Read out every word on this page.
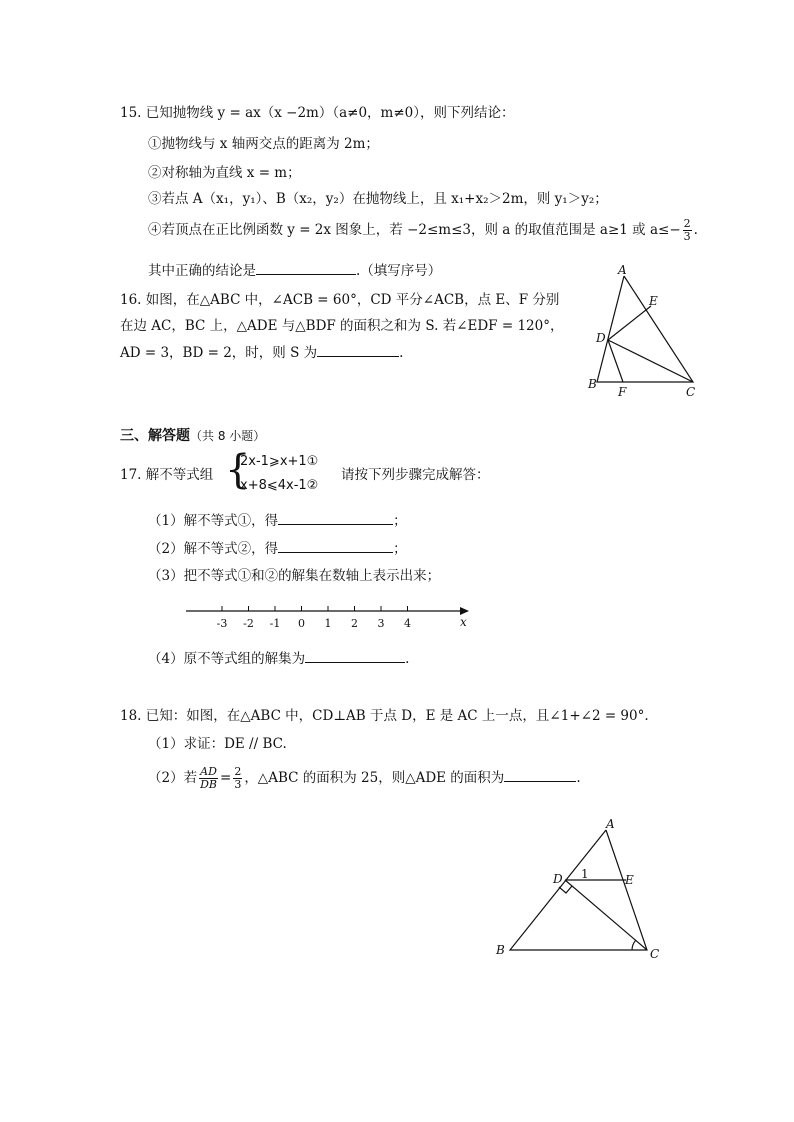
15. 已知抛物线 y = ax（x −2m）（a≠0，m≠0），则下列结论：
①抛物线与 x 轴两交点的距离为 2m；
②对称轴为直线 x = m；
③若点 A（x₁，y₁）、B（x₂，y₂）在抛物线上，且 x₁+x₂＞2m，则 y₁＞y₂；
④若顶点在正比例函数 y = 2x 图象上，若 −2≤m≤3，则 a 的取值范围是 a≥1 或 $a\le- \frac{2}{3}$ .
其中正确的结论是	.（填写序号）
16. 如图，在△ABC 中，∠ACB = 60°，CD 平分∠ACB，点 E、F 分别
在边 AC，BC 上，△ADE 与△BDF 的面积之和为 S. 若∠EDF = 120°，
AD = 3，BD = 2，时，则 S 为	.
A
E
D
B
F	C
三、解答题（共 8 小题）
17. 解不等式组 {
2x-1⩾x+1①
x+8⩽4x-1②
请按下列步骤完成解答：
（1）解不等式①，得	；
（2）解不等式②，得	；
（3）把不等式①和②的解集在数轴上表示出来；
-3 -2 -1 0 1 2 3 4	x
（4）原不等式组的解集为	.
18. 已知：如图，在△ABC 中，CD⊥AB 于点 D，E 是 AC 上一点，且∠1+∠2 = 90°.
（1）求证：DE // BC.
（2）若 $\frac{AD}{DB} = \frac{2}{3}$ ，△ABC 的面积为 25，则△ADE 的面积为	.
A
D 1	E
B	C
